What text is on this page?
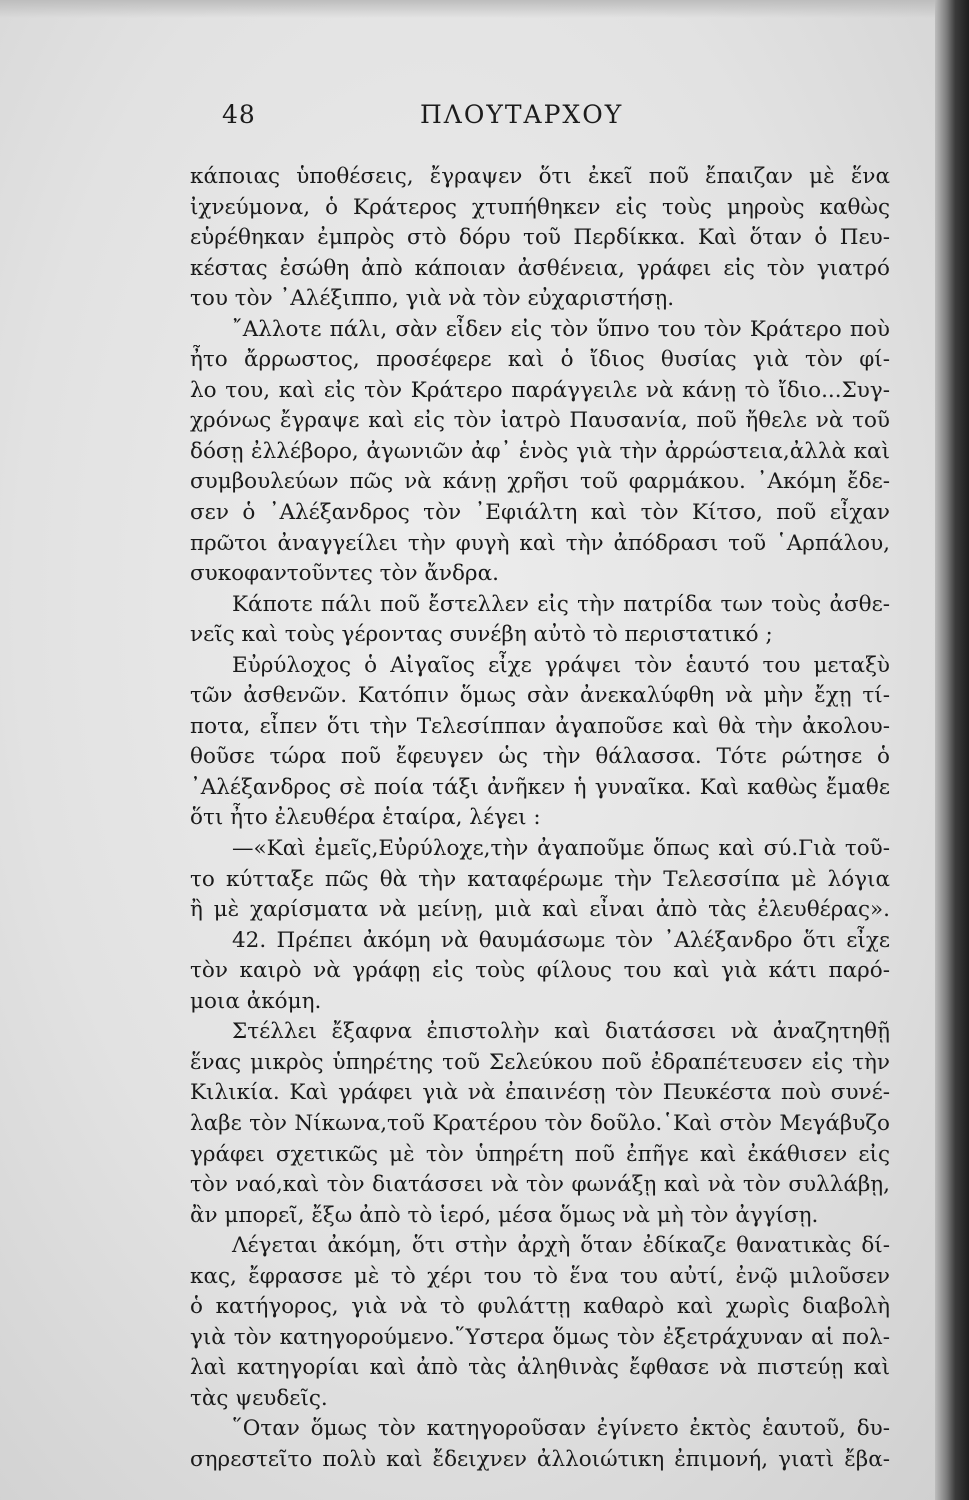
48	ΠΛΟΥΤΑΡΧΟΥ
κάποιας ὑποθέσεις, ἔγραψεν ὅτι ἐκεῖ ποῦ ἔπαιζαν μὲ ἕνα
ἰχνεύμονα, ὁ Κράτερος χτυπήθηκεν εἰς τοὺς μηροὺς καθὼς
εὑρέθηκαν ἐμπρὸς στὸ δόρυ τοῦ Περδίκκα. Καὶ ὅταν ὁ Πευ-
κέστας ἐσώθη ἀπὸ κάποιαν ἀσθένεια, γράφει εἰς τὸν γιατρό
του τὸν ᾿Αλέξιππο, γιὰ νὰ τὸν εὐχαριστήσῃ.
῎Αλλοτε πάλι, σὰν εἶδεν εἰς τὸν ὕπνο του τὸν Κράτερο ποὺ
ἦτο ἄρρωστος, προσέφερε καὶ ὁ ἴδιος θυσίας γιὰ τὸν φί-
λο του, καὶ εἰς τὸν Κράτερο παράγγειλε νὰ κάνῃ τὸ ἴδιο...Συγ-
χρόνως ἔγραψε καὶ εἰς τὸν ἰατρὸ Παυσανία, ποῦ ἤθελε νὰ τοῦ
δόσῃ ἐλλέβορο, ἀγωνιῶν ἀφ᾿ ἑνὸς γιὰ τὴν ἀρρώστεια,ἀλλὰ καὶ
συμβουλεύων πῶς νὰ κάνῃ χρῆσι τοῦ φαρμάκου. ᾿Ακόμη ἔδε-
σεν ὁ ᾿Αλέξανδρος τὸν ᾿Εφιάλτη καὶ τὸν Κίτσο, ποῦ εἶχαν
πρῶτοι ἀναγγείλει τὴν φυγὴ καὶ τὴν ἀπόδρασι τοῦ ῾Αρπάλου,
συκοφαντοῦντες τὸν ἄνδρα.
Κάποτε πάλι ποῦ ἔστελλεν εἰς τὴν πατρίδα των τοὺς ἀσθε-
νεῖς καὶ τοὺς γέροντας συνέβη αὐτὸ τὸ περιστατικό ;
Εὐρύλοχος ὁ Αἰγαῖος εἶχε γράψει τὸν ἑαυτό του μεταξὺ
τῶν ἀσθενῶν. Κατόπιν ὅμως σὰν ἀνεκαλύφθη νὰ μὴν ἔχῃ τί-
ποτα, εἶπεν ὅτι τὴν Τελεσίππαν ἀγαποῦσε καὶ θὰ τὴν ἀκολου-
θοῦσε τώρα ποῦ ἔφευγεν ὡς τὴν θάλασσα. Τότε ρώτησε ὁ
᾿Αλέξανδρος σὲ ποία τάξι ἀνῆκεν ἡ γυναῖκα. Καὶ καθὼς ἔμαθε
ὅτι ἦτο ἐλευθέρα ἑταίρα, λέγει :
—«Καὶ ἐμεῖς,Εὐρύλοχε,τὴν ἀγαποῦμε ὅπως καὶ σύ.Γιὰ τοῦ-
το κύτταξε πῶς θὰ τὴν καταφέρωμε τὴν Τελεσσίπα μὲ λόγια
ἢ μὲ χαρίσματα νὰ μείνῃ, μιὰ καὶ εἶναι ἀπὸ τὰς ἐλευθέρας».
42. Πρέπει ἀκόμη νὰ θαυμάσωμε τὸν ᾿Αλέξανδρο ὅτι εἶχε
τὸν καιρὸ νὰ γράφῃ εἰς τοὺς φίλους του καὶ γιὰ κάτι παρό-
μοια ἀκόμη.
Στέλλει ἔξαφνα ἐπιστολὴν καὶ διατάσσει νὰ ἀναζητηθῇ
ἕνας μικρὸς ὑπηρέτης τοῦ Σελεύκου ποῦ ἐδραπέτευσεν εἰς τὴν
Κιλικία. Καὶ γράφει γιὰ νὰ ἐπαινέσῃ τὸν Πευκέστα ποὺ συνέ-
λαβε τὸν Νίκωνα,τοῦ Κρατέρου τὸν δοῦλο.῾Καὶ στὸν Μεγάβυζο
γράφει σχετικῶς μὲ τὸν ὑπηρέτη ποῦ ἐπῆγε καὶ ἐκάθισεν εἰς
τὸν ναό,καὶ τὸν διατάσσει νὰ τὸν φωνάξῃ καὶ νὰ τὸν συλλάβῃ,
ἂν μπορεῖ, ἔξω ἀπὸ τὸ ἱερό, μέσα ὅμως νὰ μὴ τὸν ἀγγίσῃ.
Λέγεται ἀκόμη, ὅτι στὴν ἀρχὴ ὅταν ἐδίκαζε θανατικὰς δί-
κας, ἔφρασσε μὲ τὸ χέρι του τὸ ἕνα του αὐτί, ἐνῷ μιλοῦσεν
ὁ κατήγορος, γιὰ νὰ τὸ φυλάττῃ καθαρὸ καὶ χωρὶς διαβολὴ
γιὰ τὸν κατηγορούμενο.῞Υστερα ὅμως τὸν ἐξετράχυναν αἱ πολ-
λαὶ κατηγορίαι καὶ ἀπὸ τὰς ἀληθινὰς ἔφθασε νὰ πιστεύῃ καὶ
τὰς ψευδεῖς.
῞Οταν ὅμως τὸν κατηγοροῦσαν ἐγίνετο ἐκτὸς ἑαυτοῦ, δυ-
σηρεστεῖτο πολὺ καὶ ἔδειχνεν ἀλλοιώτικη ἐπιμονή, γιατὶ ἔβα-
